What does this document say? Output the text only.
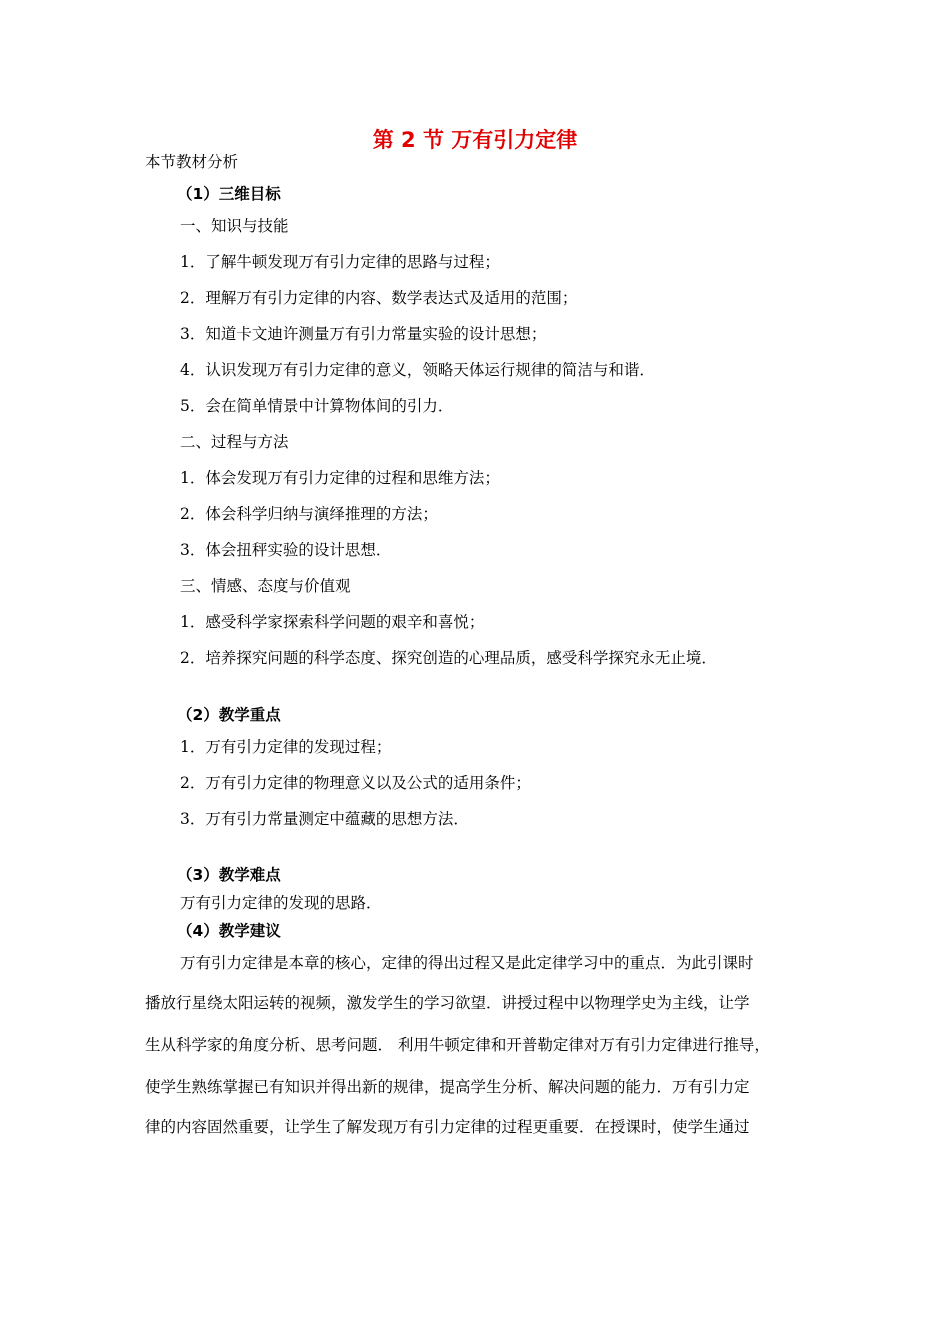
第 2 节 万有引力定律
本节教材分析
（1）三维目标
一、知识与技能
1．了解牛顿发现万有引力定律的思路与过程；
2．理解万有引力定律的内容、数学表达式及适用的范围；
3．知道卡文迪许测量万有引力常量实验的设计思想；
4．认识发现万有引力定律的意义，领略天体运行规律的简洁与和谐．
5．会在简单情景中计算物体间的引力．
二、过程与方法
1．体会发现万有引力定律的过程和思维方法；
2．体会科学归纳与演绎推理的方法；
3．体会扭秤实验的设计思想．
三、情感、态度与价值观
1．感受科学家探索科学问题的艰辛和喜悦；
2．培养探究问题的科学态度、探究创造的心理品质，感受科学探究永无止境．
（2）教学重点
1．万有引力定律的发现过程；
2．万有引力定律的物理意义以及公式的适用条件；
3．万有引力常量测定中蕴藏的思想方法．
（3）教学难点
万有引力定律的发现的思路．
（4）教学建议
万有引力定律是本章的核心，定律的得出过程又是此定律学习中的重点．为此引课时
播放行星绕太阳运转的视频，激发学生的学习欲望．讲授过程中以物理学史为主线，让学
生从科学家的角度分析、思考问题． 利用牛顿定律和开普勒定律对万有引力定律进行推导，
使学生熟练掌握已有知识并得出新的规律，提高学生分析、解决问题的能力．万有引力定
律的内容固然重要，让学生了解发现万有引力定律的过程更重要．在授课时，使学生通过
